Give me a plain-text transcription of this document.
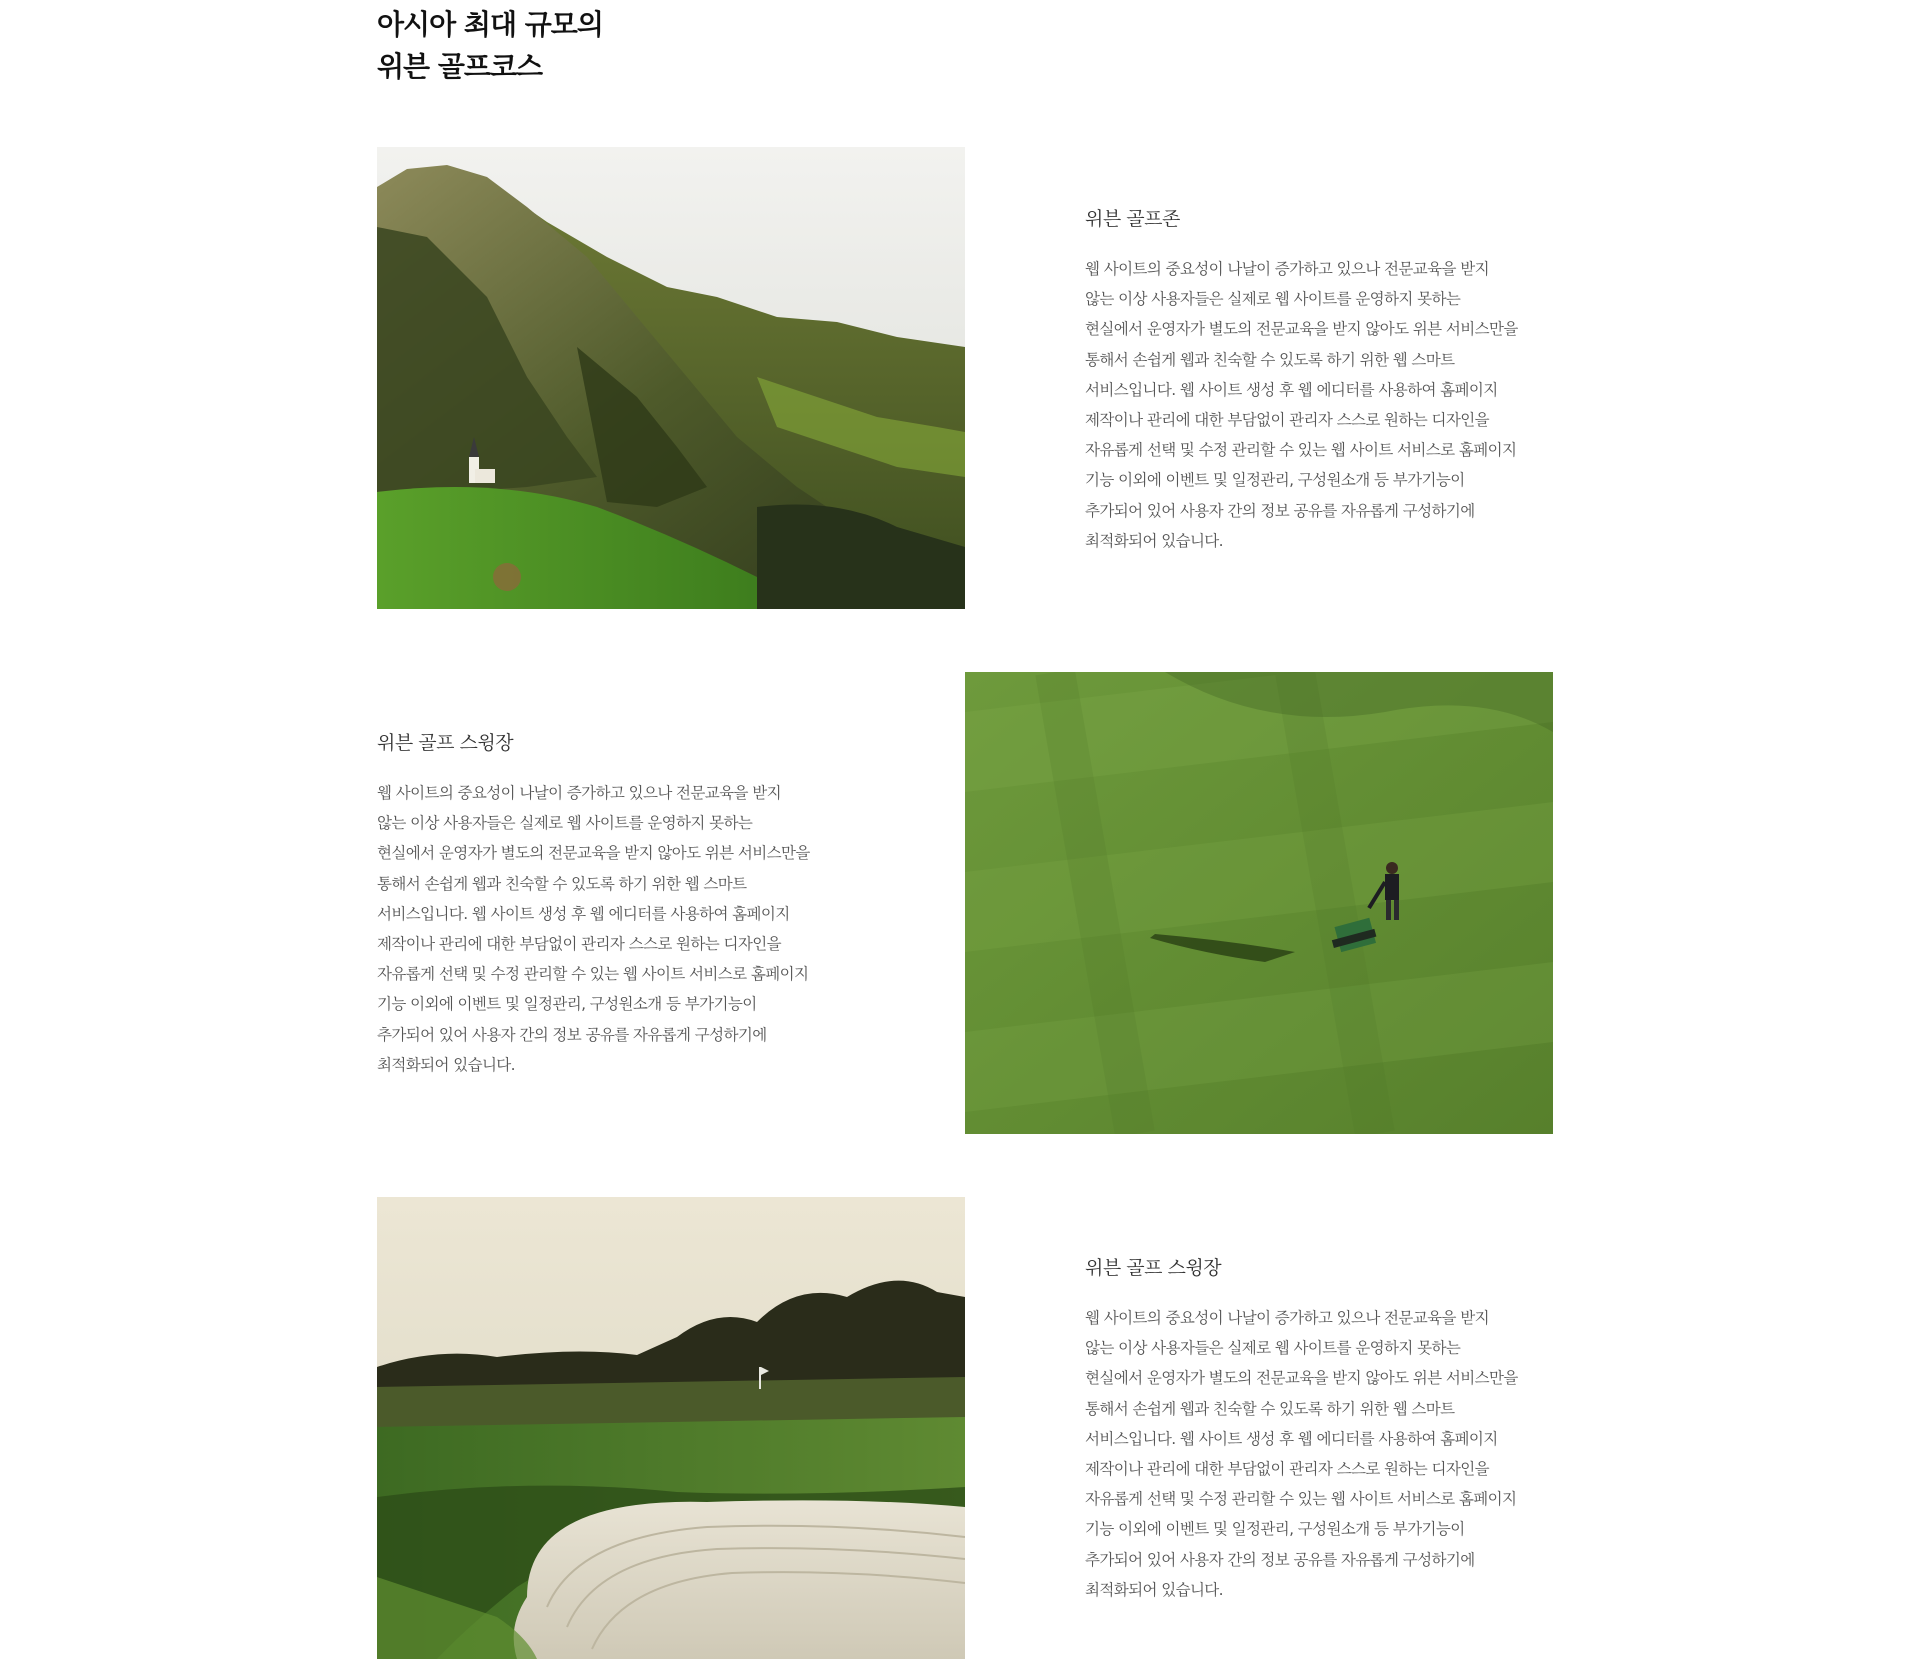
아시아 최대 규모의
위븐 골프코스
위븐 골프존

웹 사이트의 중요성이 나날이 증가하고 있으나 전문교육을 받지
않는 이상 사용자들은 실제로 웹 사이트를 운영하지 못하는
현실에서 운영자가 별도의 전문교육을 받지 않아도 위븐 서비스만을
통해서 손쉽게 웹과 친숙할 수 있도록 하기 위한 웹 스마트
서비스입니다. 웹 사이트 생성 후 웹 에디터를 사용하여 홈페이지
제작이나 관리에 대한 부담없이 관리자 스스로 원하는 디자인을
자유롭게 선택 및 수정 관리할 수 있는 웹 사이트 서비스로 홈페이지
기능 이외에 이벤트 및 일정관리, 구성원소개 등 부가기능이
추가되어 있어 사용자 간의 정보 공유를 자유롭게 구성하기에
최적화되어 있습니다.

위븐 골프 스윙장

웹 사이트의 중요성이 나날이 증가하고 있으나 전문교육을 받지
않는 이상 사용자들은 실제로 웹 사이트를 운영하지 못하는
현실에서 운영자가 별도의 전문교육을 받지 않아도 위븐 서비스만을
통해서 손쉽게 웹과 친숙할 수 있도록 하기 위한 웹 스마트
서비스입니다. 웹 사이트 생성 후 웹 에디터를 사용하여 홈페이지
제작이나 관리에 대한 부담없이 관리자 스스로 원하는 디자인을
자유롭게 선택 및 수정 관리할 수 있는 웹 사이트 서비스로 홈페이지
기능 이외에 이벤트 및 일정관리, 구성원소개 등 부가기능이
추가되어 있어 사용자 간의 정보 공유를 자유롭게 구성하기에
최적화되어 있습니다.

위븐 골프 스윙장

웹 사이트의 중요성이 나날이 증가하고 있으나 전문교육을 받지
않는 이상 사용자들은 실제로 웹 사이트를 운영하지 못하는
현실에서 운영자가 별도의 전문교육을 받지 않아도 위븐 서비스만을
통해서 손쉽게 웹과 친숙할 수 있도록 하기 위한 웹 스마트
서비스입니다. 웹 사이트 생성 후 웹 에디터를 사용하여 홈페이지
제작이나 관리에 대한 부담없이 관리자 스스로 원하는 디자인을
자유롭게 선택 및 수정 관리할 수 있는 웹 사이트 서비스로 홈페이지
기능 이외에 이벤트 및 일정관리, 구성원소개 등 부가기능이
추가되어 있어 사용자 간의 정보 공유를 자유롭게 구성하기에
최적화되어 있습니다.
